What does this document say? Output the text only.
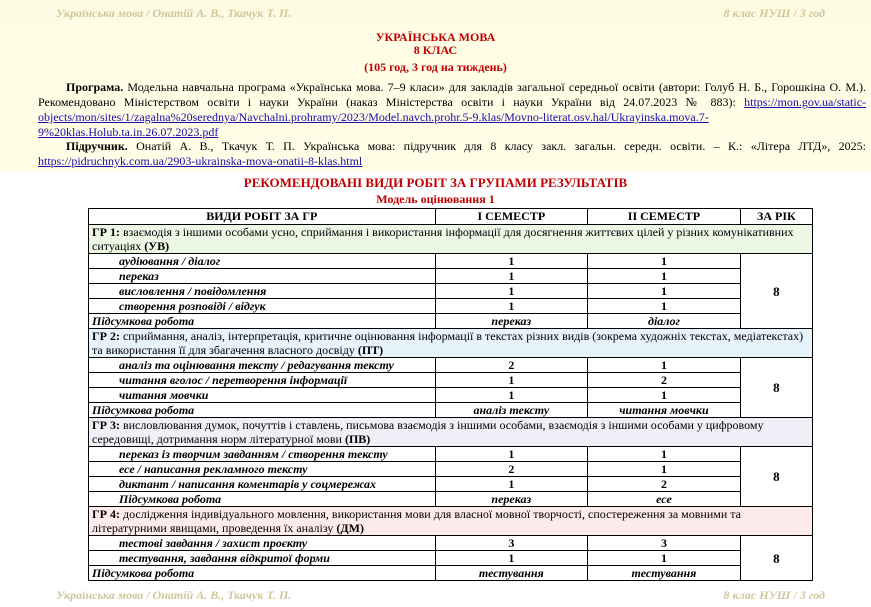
Українська мова / Онатій А. В., Ткачук Т. П.	8 клас НУШ / 3 год
УКРАЇНСЬКА МОВА
8 КЛАС
(105 год, 3 год на тиждень)
Програма. Модельна навчальна програма «Українська мова. 7–9 класи» для закладів загальної середньої освіти (автори: Голуб Н. Б., Горошкіна О. М.). Рекомендовано Міністерством освіти і науки України (наказ Міністерства освіти і науки України від 24.07.2023 № 883): https://mon.gov.ua/static-objects/mon/sites/1/zagalna%20serednya/Navchalni.prohramy/2023/Model.navch.prohr.5-9.klas/Movno-literat.osv.hal/Ukrayinska.mova.7-9%20klas.Holub.ta.in.26.07.2023.pdf
Підручник. Онатій А. В., Ткачук Т. П. Українська мова: підручник для 8 класу закл. загальн. середн. освіти. – К.: «Літера ЛТД», 2025: https://pidruchnyk.com.ua/2903-ukrainska-mova-onatii-8-klas.html
РЕКОМЕНДОВАНІ ВИДИ РОБІТ ЗА ГРУПАМИ РЕЗУЛЬТАТІВ
Модель оцінювання 1
ВИДИ РОБІТ ЗА ГР	І СЕМЕСТР	ІІ СЕМЕСТР	ЗА РІК
ГР 1: взаємодія з іншими особами усно, сприймання і використання інформації для досягнення життєвих цілей у різних комунікативних ситуаціях (УВ)			
аудіювання / діалог	1	1	8
переказ	1	1	
висловлення / повідомлення	1	1	
створення розповіді / відгук	1	1	
Підсумкова робота	переказ	діалог	
ГР 2: сприймання, аналіз, інтерпретація, критичне оцінювання інформації в текстах різних видів (зокрема художніх текстах, медіатекстах) та використання її для збагачення власного досвіду (ПТ)			
аналіз та оцінювання тексту / редагування тексту	2	1	8
читання вголос / перетворення інформації	1	2	
читання мовчки	1	1	
Підсумкова робота	аналіз тексту	читання мовчки	
ГР 3: висловлювання думок, почуттів і ставлень, письмова взаємодія з іншими особами, взаємодія з іншими особами у цифровому середовищі, дотримання норм літературної мови (ПВ)			
переказ із творчим завданням / створення тексту	1	1	8
есе / написання рекламного тексту	2	1	
диктант / написання коментарів у соцмережах	1	2	
Підсумкова робота	переказ	есе	
ГР 4: дослідження індивідуального мовлення, використання мови для власної мовної творчості, спостереження за мовними та літературними явищами, проведення їх аналізу (ДМ)			
тестові завдання / захист проєкту	3	3	8
тестування, завдання відкритої форми	1	1	
Підсумкова робота	тестування	тестування	
Українська мова / Онатій А. В., Ткачук Т. П.	8 клас НУШ / 3 год
